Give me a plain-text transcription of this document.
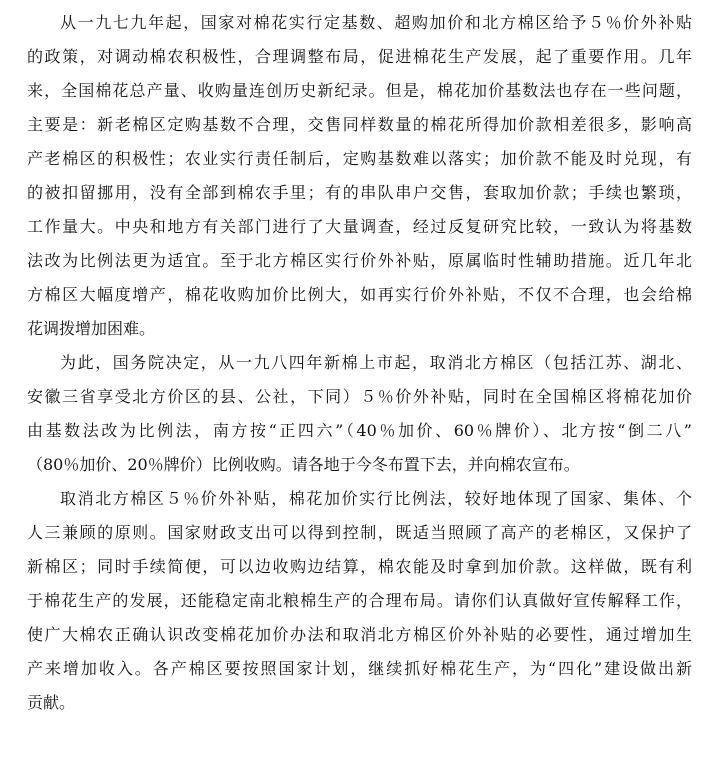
从一九七九年起，国家对棉花实行定基数、超购加价和北方棉区给予５％价外补贴
的政策，对调动棉农积极性，合理调整布局，促进棉花生产发展，起了重要作用。几年
来，全国棉花总产量、收购量连创历史新纪录。但是，棉花加价基数法也存在一些问题，
主要是：新老棉区定购基数不合理，交售同样数量的棉花所得加价款相差很多，影响高
产老棉区的积极性；农业实行责任制后，定购基数难以落实；加价款不能及时兑现，有
的被扣留挪用，没有全部到棉农手里；有的串队串户交售，套取加价款；手续也繁琐，
工作量大。中央和地方有关部门进行了大量调查，经过反复研究比较，一致认为将基数
法改为比例法更为适宜。至于北方棉区实行价外补贴，原属临时性辅助措施。近几年北
方棉区大幅度增产，棉花收购加价比例大，如再实行价外补贴，不仅不合理，也会给棉
花调拨增加困难。
为此，国务院决定，从一九八四年新棉上市起，取消北方棉区（包括江苏、湖北、
安徽三省享受北方价区的县、公社，下同）５％价外补贴，同时在全国棉区将棉花加价
由基数法改为比例法，南方按“正四六”（40％加价、60％牌价）、北方按“倒二八”
（80％加价、20％牌价）比例收购。请各地于今冬布置下去，并向棉农宣布。
取消北方棉区５％价外补贴，棉花加价实行比例法，较好地体现了国家、集体、个
人三兼顾的原则。国家财政支出可以得到控制，既适当照顾了高产的老棉区，又保护了
新棉区；同时手续简便，可以边收购边结算，棉农能及时拿到加价款。这样做，既有利
于棉花生产的发展，还能稳定南北粮棉生产的合理布局。请你们认真做好宣传解释工作，
使广大棉农正确认识改变棉花加价办法和取消北方棉区价外补贴的必要性，通过增加生
产来增加收入。各产棉区要按照国家计划，继续抓好棉花生产，为“四化”建设做出新
贡献。
